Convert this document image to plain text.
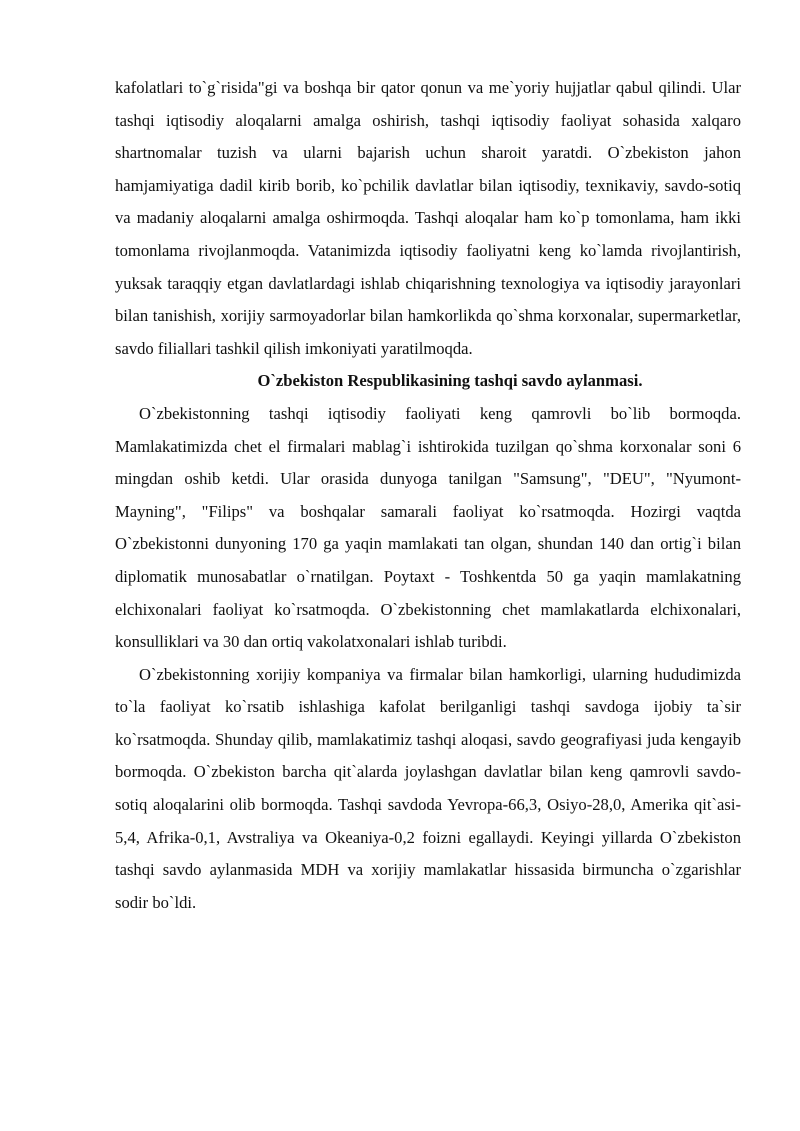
kafolatlari to`g`risida"gi va boshqa bir qator qonun va me`yoriy hujjatlar qabul qilindi. Ular tashqi iqtisodiy aloqalarni amalga oshirish, tashqi iqtisodiy faoliyat sohasida xalqaro shartnomalar tuzish va ularni bajarish uchun sharoit yaratdi. O`zbekiston jahon hamjamiyatiga dadil kirib borib, ko`pchilik davlatlar bilan iqtisodiy, texnikaviy, savdo-sotiq va madaniy aloqalarni amalga oshirmoqda. Tashqi aloqalar ham ko`p tomonlama, ham ikki tomonlama rivojlanmoqda. Vatanimizda iqtisodiy faoliyatni keng ko`lamda rivojlantirish, yuksak taraqqiy etgan davlatlardagi ishlab chiqarishning texnologiya va iqtisodiy jarayonlari bilan tanishish, xorijiy sarmoyadorlar bilan hamkorlikda qo`shma korxonalar, supermarketlar, savdo filiallari tashkil qilish imkoniyati yaratilmoqda.

O`zbekiston Respublikasining tashqi savdo aylanmasi.

O`zbekistonning tashqi iqtisodiy faoliyati keng qamrovli bo`lib bormoqda. Mamlakatimizda chet el firmalari mablag`i ishtirokida tuzilgan qo`shma korxonalar soni 6 mingdan oshib ketdi. Ular orasida dunyoga tanilgan "Samsung", "DEU", "Nyumont-Mayning", "Filips" va boshqalar samarali faoliyat ko`rsatmoqda. Hozirgi vaqtda O`zbekistonni dunyoning 170 ga yaqin mamlakati tan olgan, shundan 140 dan ortig`i bilan diplomatik munosabatlar o`rnatilgan. Poytaxt - Toshkentda 50 ga yaqin mamlakatning elchixonalari faoliyat ko`rsatmoqda. O`zbekistonning chet mamlakatlarda elchixonalari, konsulliklari va 30 dan ortiq vakolatxonalari ishlab turibdi.

O`zbekistonning xorijiy kompaniya va firmalar bilan hamkorligi, ularning hududimizda to`la faoliyat ko`rsatib ishlashiga kafolat berilganligi tashqi savdoga ijobiy ta`sir ko`rsatmoqda. Shunday qilib, mamlakatimiz tashqi aloqasi, savdo geografiyasi juda kengayib bormoqda. O`zbekiston barcha qit`alarda joylashgan davlatlar bilan keng qamrovli savdo-sotiq aloqalarini olib bormoqda. Tashqi savdoda Yevropa-66,3, Osiyo-28,0, Amerika qit`asi-5,4, Afrika-0,1, Avstraliya va Okeaniya-0,2 foizni egallaydi. Keyingi yillarda O`zbekiston tashqi savdo aylanmasida MDH va xorijiy mamlakatlar hissasida birmuncha o`zgarishlar sodir bo`ldi.
